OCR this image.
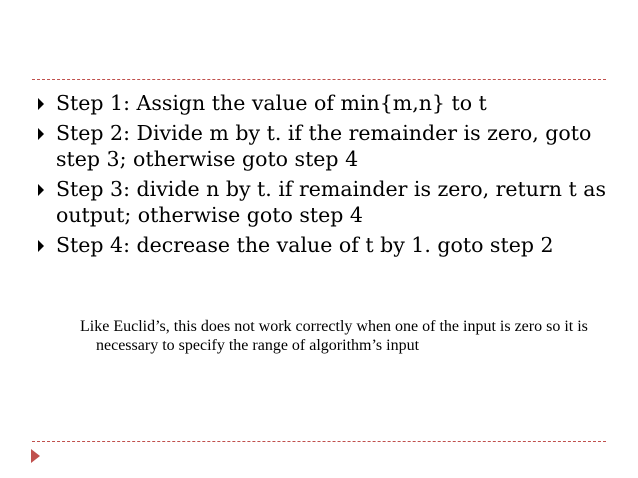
Step 1: Assign the value of min{m,n} to t
Step 2: Divide m by t. if the remainder is zero, goto step 3; otherwise goto step 4
Step 3: divide n by t. if remainder is zero, return t as output; otherwise goto step 4
Step 4: decrease the value of t by 1. goto step 2
Like Euclid’s, this does not work correctly when one of the input is zero so it is necessary to specify the range of algorithm’s input
